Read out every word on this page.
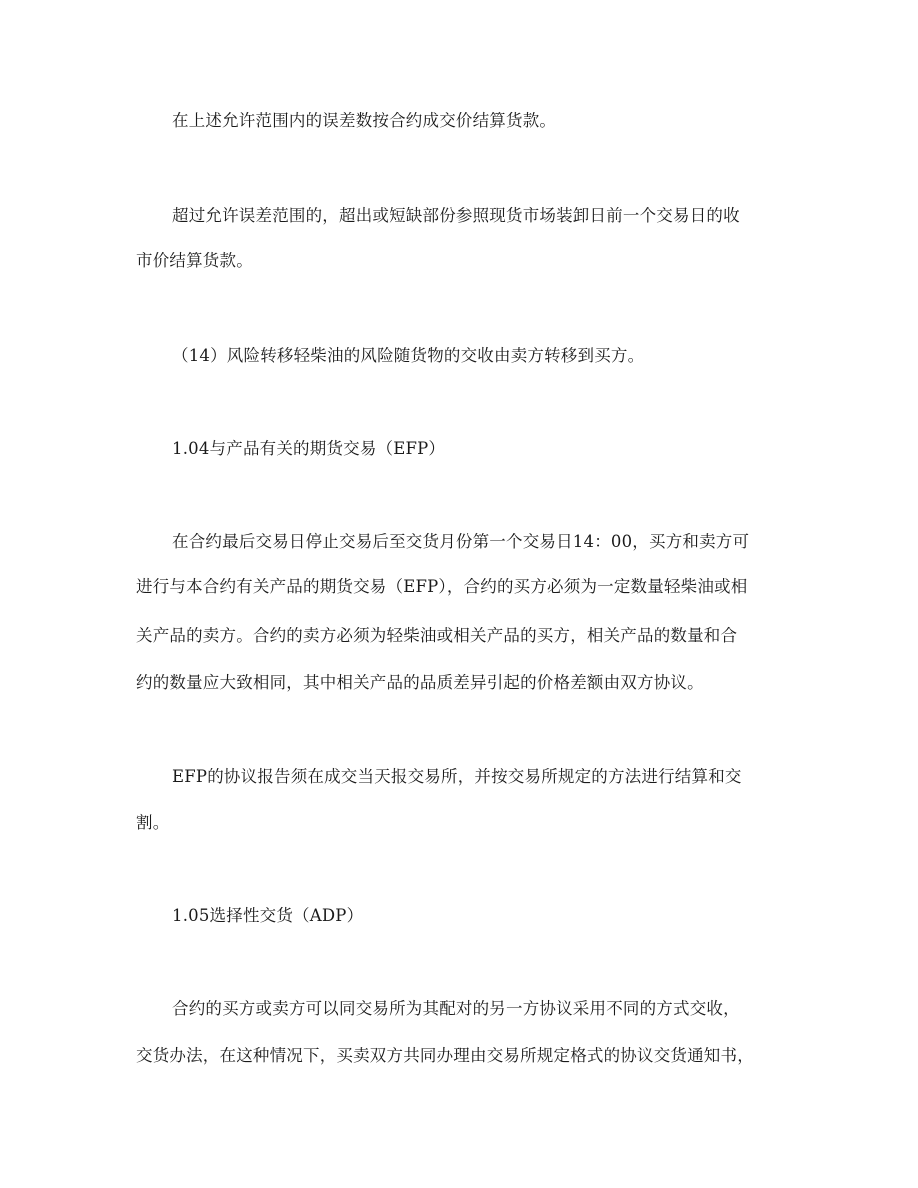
在上述允许范围内的误差数按合约成交价结算货款。
超过允许误差范围的，超出或短缺部份参照现货市场装卸日前一个交易日的收
市价结算货款。
（14）风险转移轻柴油的风险随货物的交收由卖方转移到买方。
1.04与产品有关的期货交易（EFP）
在合约最后交易日停止交易后至交货月份第一个交易日14：00，买方和卖方可
进行与本合约有关产品的期货交易（EFP），合约的买方必须为一定数量轻柴油或相
关产品的卖方。合约的卖方必须为轻柴油或相关产品的买方，相关产品的数量和合
约的数量应大致相同，其中相关产品的品质差异引起的价格差额由双方协议。
EFP的协议报告须在成交当天报交易所，并按交易所规定的方法进行结算和交
割。
1.05选择性交货（ADP）
合约的买方或卖方可以同交易所为其配对的另一方协议采用不同的方式交收，
交货办法，在这种情况下，买卖双方共同办理由交易所规定格式的协议交货通知书，
